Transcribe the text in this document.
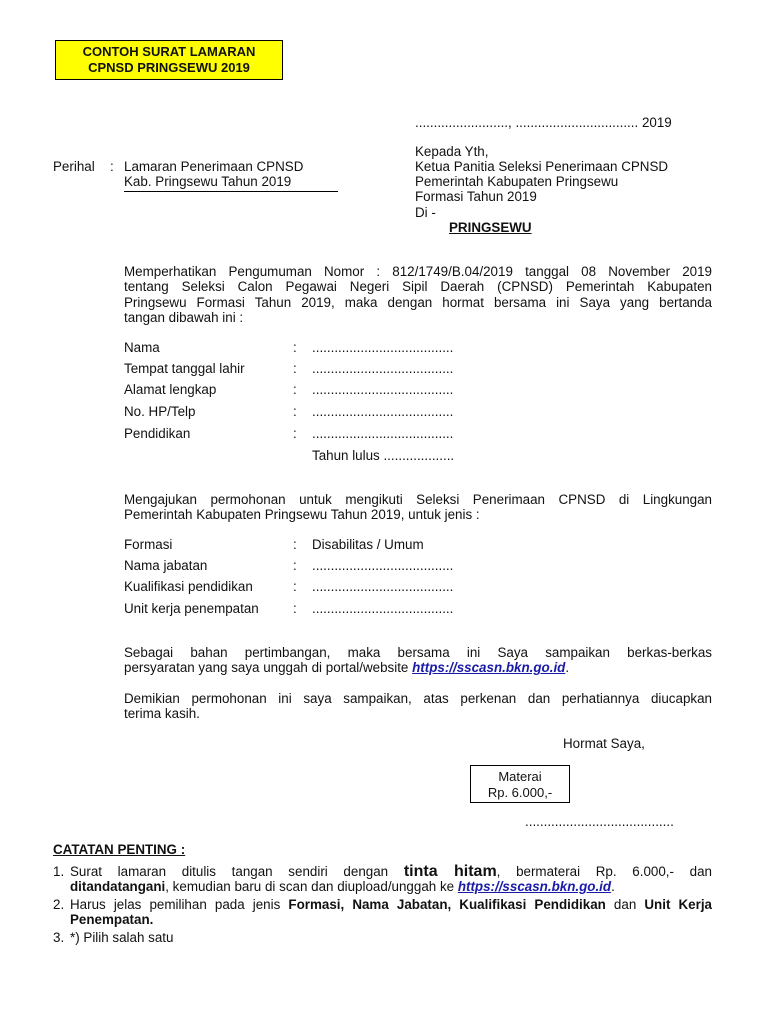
CONTOH SURAT LAMARAN
CPNSD PRINGSEWU 2019
........................., ................................. 2019
Perihal : Lamaran Penerimaan CPNSD
Kab. Pringsewu Tahun 2019
Kepada Yth,
Ketua Panitia Seleksi Penerimaan CPNSD
Pemerintah Kabupaten Pringsewu
Formasi Tahun 2019
Di -
PRINGSEWU
Memperhatikan Pengumuman Nomor : 812/1749/B.04/2019 tanggal 08 November 2019
tentang Seleksi Calon Pegawai Negeri Sipil Daerah (CPNSD) Pemerintah Kabupaten
Pringsewu Formasi Tahun 2019, maka dengan hormat bersama ini Saya yang bertanda
tangan dibawah ini :
Nama	: ......................................
Tempat tanggal lahir	: ......................................
Alamat lengkap	: ......................................
No. HP/Telp	: ......................................
Pendidikan	: ......................................
Tahun lulus ...................
Mengajukan permohonan untuk mengikuti Seleksi Penerimaan CPNSD di Lingkungan
Pemerintah Kabupaten Pringsewu Tahun 2019, untuk jenis :
Formasi	: Disabilitas / Umum
Nama jabatan	: ......................................
Kualifikasi pendidikan	: ......................................
Unit kerja penempatan	: ......................................
Sebagai bahan pertimbangan, maka bersama ini Saya sampaikan berkas-berkas
persyaratan yang saya unggah di portal/website https://sscasn.bkn.go.id.
Demikian permohonan ini saya sampaikan, atas perkenan dan perhatiannya diucapkan
terima kasih.
Hormat Saya,
Materai
Rp. 6.000,-
........................................
CATATAN PENTING :
1. Surat lamaran ditulis tangan sendiri dengan tinta hitam, bermaterai Rp. 6.000,- dan
ditandatangani, kemudian baru di scan dan diupload/unggah ke https://sscasn.bkn.go.id.
2. Harus jelas pemilihan pada jenis Formasi, Nama Jabatan, Kualifikasi Pendidikan dan Unit Kerja
Penempatan.
3. *) Pilih salah satu
